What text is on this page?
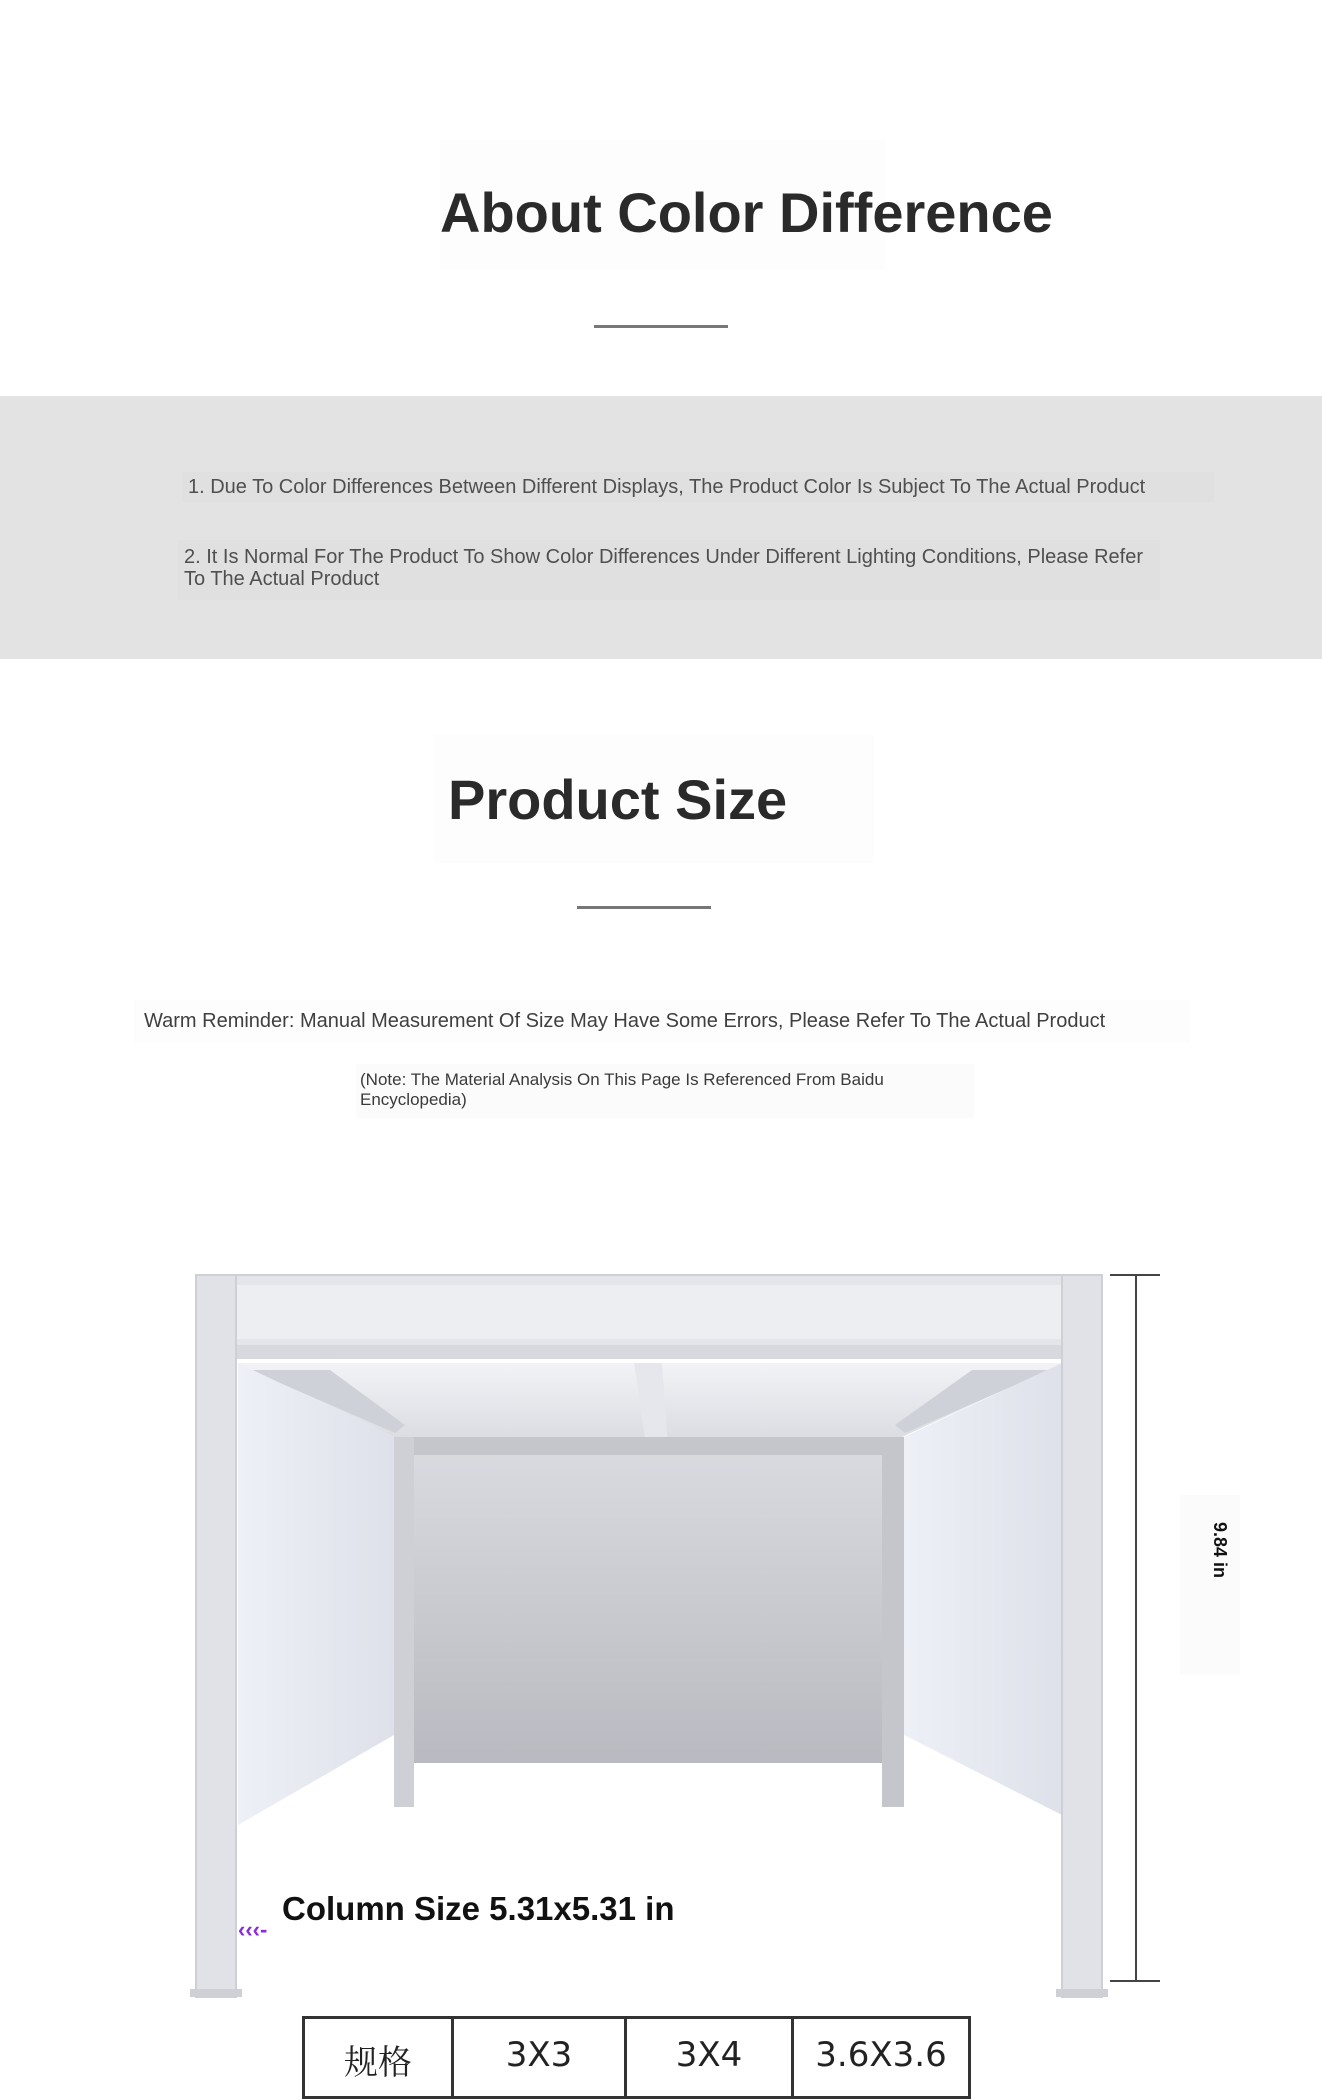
About Color Difference
1. Due To Color Differences Between Different Displays, The Product Color Is Subject To The Actual Product
2. It Is Normal For The Product To Show Color Differences Under Different Lighting Conditions, Please Refer To The Actual Product
Product Size
Warm Reminder: Manual Measurement Of Size May Have Some Errors, Please Refer To The Actual Product
(Note: The Material Analysis On This Page Is Referenced From Baidu Encyclopedia)
9.84 in
‹‹‹-
Column Size 5.31x5.31 in
规格	3X3	3X4	3.6X3.6
